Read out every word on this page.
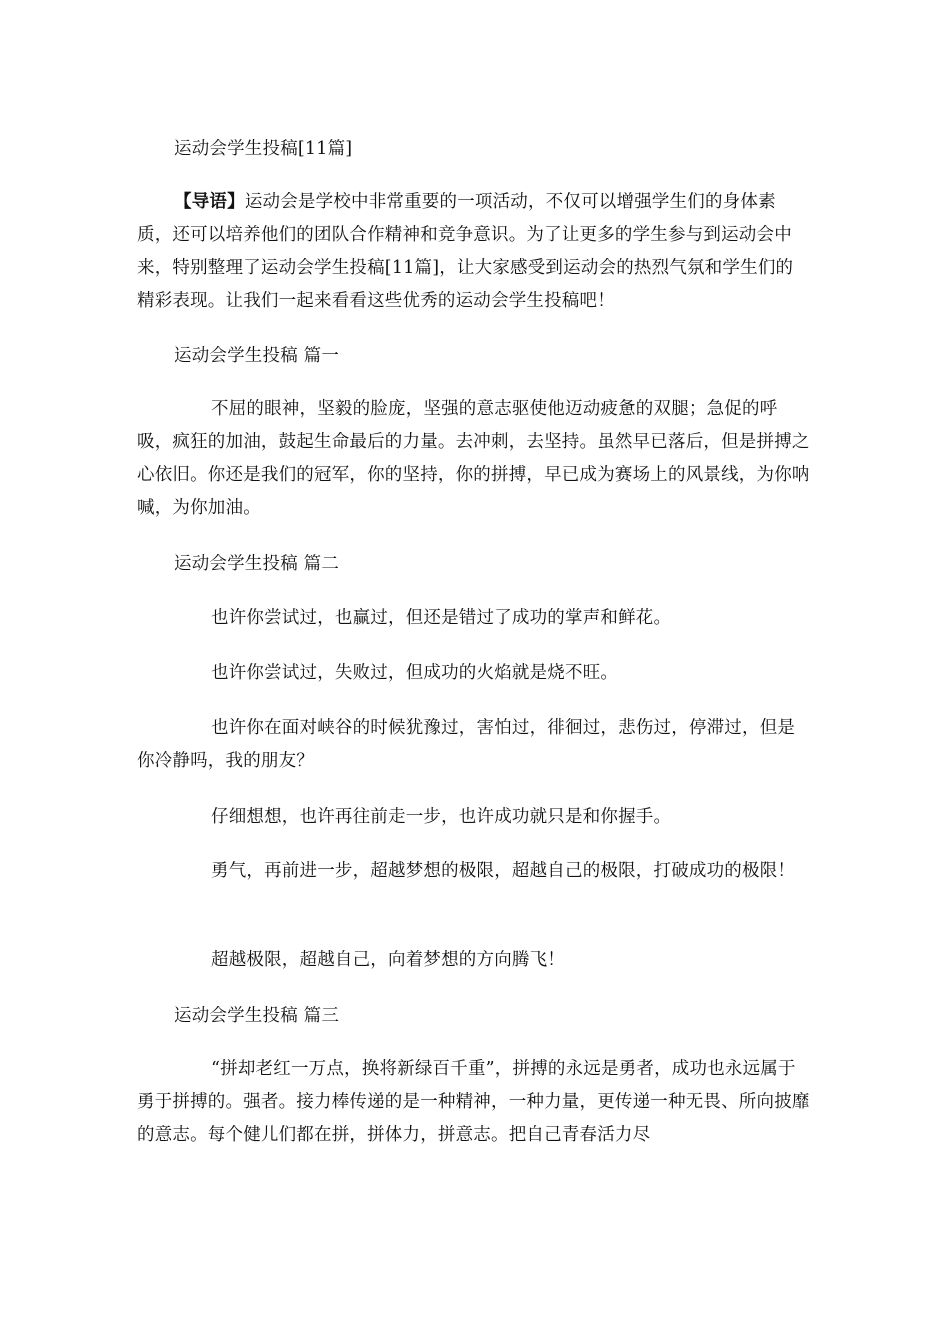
运动会学生投稿[11篇]

【导语】运动会是学校中非常重要的一项活动，不仅可以增强学生们的身体素质，还可以培养他们的团队合作精神和竞争意识。为了让更多的学生参与到运动会中来，特别整理了运动会学生投稿[11篇]，让大家感受到运动会的热烈气氛和学生们的精彩表现。让我们一起来看看这些优秀的运动会学生投稿吧！

运动会学生投稿 篇一

不屈的眼神，坚毅的脸庞，坚强的意志驱使他迈动疲惫的双腿；急促的呼吸，疯狂的加油，鼓起生命最后的力量。去冲刺，去坚持。虽然早已落后，但是拼搏之心依旧。你还是我们的冠军，你的坚持，你的拼搏，早已成为赛场上的风景线，为你呐喊，为你加油。

运动会学生投稿 篇二

也许你尝试过，也赢过，但还是错过了成功的掌声和鲜花。

也许你尝试过，失败过，但成功的火焰就是烧不旺。

也许你在面对峡谷的时候犹豫过，害怕过，徘徊过，悲伤过，停滞过，但是你冷静吗，我的朋友？

仔细想想，也许再往前走一步，也许成功就只是和你握手。

勇气，再前进一步，超越梦想的极限，超越自己的极限，打破成功的极限！

超越极限，超越自己，向着梦想的方向腾飞！

运动会学生投稿 篇三

“拼却老红一万点，换将新绿百千重”，拼搏的永远是勇者，成功也永远属于勇于拼搏的。强者。接力棒传递的是一种精神，一种力量，更传递一种无畏、所向披靡的意志。每个健儿们都在拼，拼体力，拼意志。把自己青春活力尽
